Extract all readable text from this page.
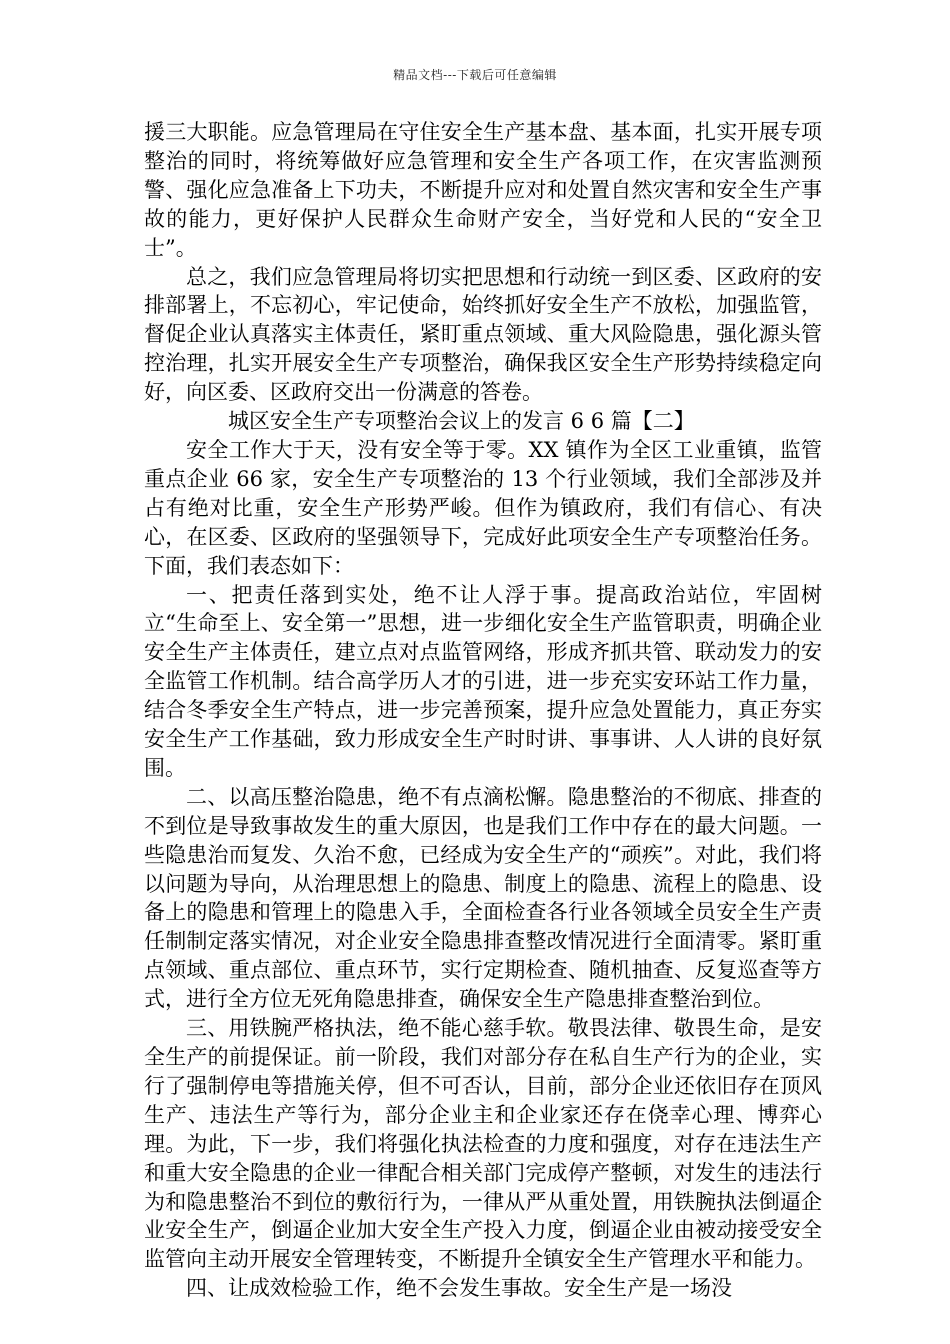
精品文档---下载后可任意编辑

援三大职能。应急管理局在守住安全生产基本盘、基本面，扎实开展专项整治的同时，将统筹做好应急管理和安全生产各项工作，在灾害监测预警、强化应急准备上下功夫，不断提升应对和处置自然灾害和安全生产事故的能力，更好保护人民群众生命财产安全，当好党和人民的“安全卫士”。

总之，我们应急管理局将切实把思想和行动统一到区委、区政府的安排部署上，不忘初心，牢记使命，始终抓好安全生产不放松，加强监管，督促企业认真落实主体责任，紧盯重点领域、重大风险隐患，强化源头管控治理，扎实开展安全生产专项整治，确保我区安全生产形势持续稳定向好，向区委、区政府交出一份满意的答卷。

城区安全生产专项整治会议上的发言 6 6 篇【二】

安全工作大于天，没有安全等于零。XX 镇作为全区工业重镇，监管重点企业 66 家，安全生产专项整治的 13 个行业领域，我们全部涉及并占有绝对比重，安全生产形势严峻。但作为镇政府，我们有信心、有决心，在区委、区政府的坚强领导下，完成好此项安全生产专项整治任务。下面，我们表态如下：

一、把责任落到实处，绝不让人浮于事。提高政治站位，牢固树立“生命至上、安全第一”思想，进一步细化安全生产监管职责，明确企业安全生产主体责任，建立点对点监管网络，形成齐抓共管、联动发力的安全监管工作机制。结合高学历人才的引进，进一步充实安环站工作力量，结合冬季安全生产特点，进一步完善预案，提升应急处置能力，真正夯实安全生产工作基础，致力形成安全生产时时讲、事事讲、人人讲的良好氛围。

二、以高压整治隐患，绝不有点滴松懈。隐患整治的不彻底、排查的不到位是导致事故发生的重大原因，也是我们工作中存在的最大问题。一些隐患治而复发、久治不愈，已经成为安全生产的“顽疾”。对此，我们将以问题为导向，从治理思想上的隐患、制度上的隐患、流程上的隐患、设备上的隐患和管理上的隐患入手，全面检查各行业各领域全员安全生产责任制制定落实情况，对企业安全隐患排查整改情况进行全面清零。紧盯重点领域、重点部位、重点环节，实行定期检查、随机抽查、反复巡查等方式，进行全方位无死角隐患排查，确保安全生产隐患排查整治到位。

三、用铁腕严格执法，绝不能心慈手软。敬畏法律、敬畏生命，是安全生产的前提保证。前一阶段，我们对部分存在私自生产行为的企业，实行了强制停电等措施关停，但不可否认，目前，部分企业还依旧存在顶风生产、违法生产等行为，部分企业主和企业家还存在侥幸心理、博弈心理。为此，下一步，我们将强化执法检查的力度和强度，对存在违法生产和重大安全隐患的企业一律配合相关部门完成停产整顿，对发生的违法行为和隐患整治不到位的敷衍行为，一律从严从重处置，用铁腕执法倒逼企业安全生产，倒逼企业加大安全生产投入力度，倒逼企业由被动接受安全监管向主动开展安全管理转变，不断提升全镇安全生产管理水平和能力。

四、让成效检验工作，绝不会发生事故。安全生产是一场没
